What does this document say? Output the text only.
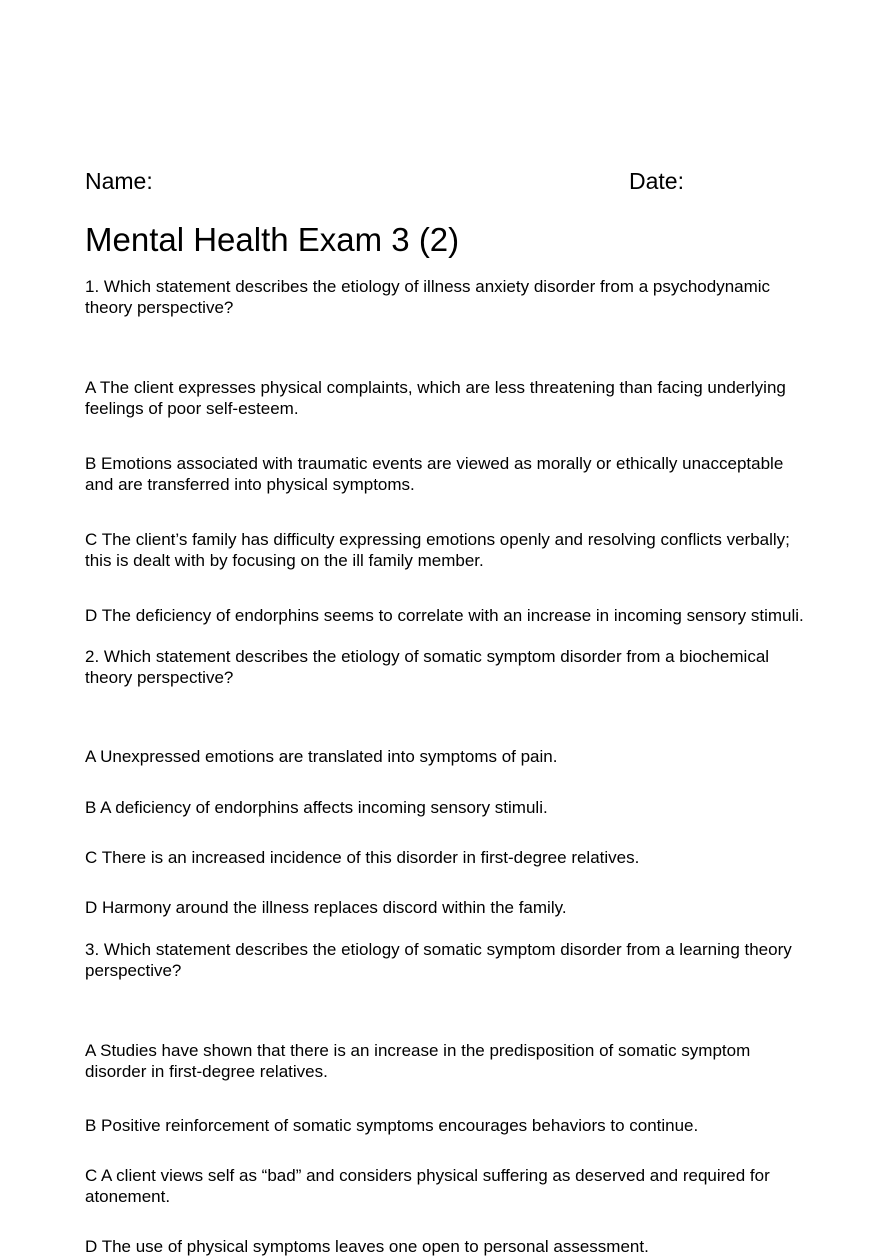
Name:	Date:
Mental Health Exam 3 (2)

1. Which statement describes the etiology of illness anxiety disorder from a psychodynamic theory perspective?

A The client expresses physical complaints, which are less threatening than facing underlying feelings of poor self-esteem.

B Emotions associated with traumatic events are viewed as morally or ethically unacceptable and are transferred into physical symptoms.

C The client’s family has difficulty expressing emotions openly and resolving conflicts verbally; this is dealt with by focusing on the ill family member.

D The deficiency of endorphins seems to correlate with an increase in incoming sensory stimuli.

2. Which statement describes the etiology of somatic symptom disorder from a biochemical theory perspective?

A Unexpressed emotions are translated into symptoms of pain.

B A deficiency of endorphins affects incoming sensory stimuli.

C There is an increased incidence of this disorder in first-degree relatives.

D Harmony around the illness replaces discord within the family.

3. Which statement describes the etiology of somatic symptom disorder from a learning theory perspective?

A Studies have shown that there is an increase in the predisposition of somatic symptom disorder in first-degree relatives.

B Positive reinforcement of somatic symptoms encourages behaviors to continue.

C A client views self as “bad” and considers physical suffering as deserved and required for atonement.

D The use of physical symptoms leaves one open to personal assessment.
